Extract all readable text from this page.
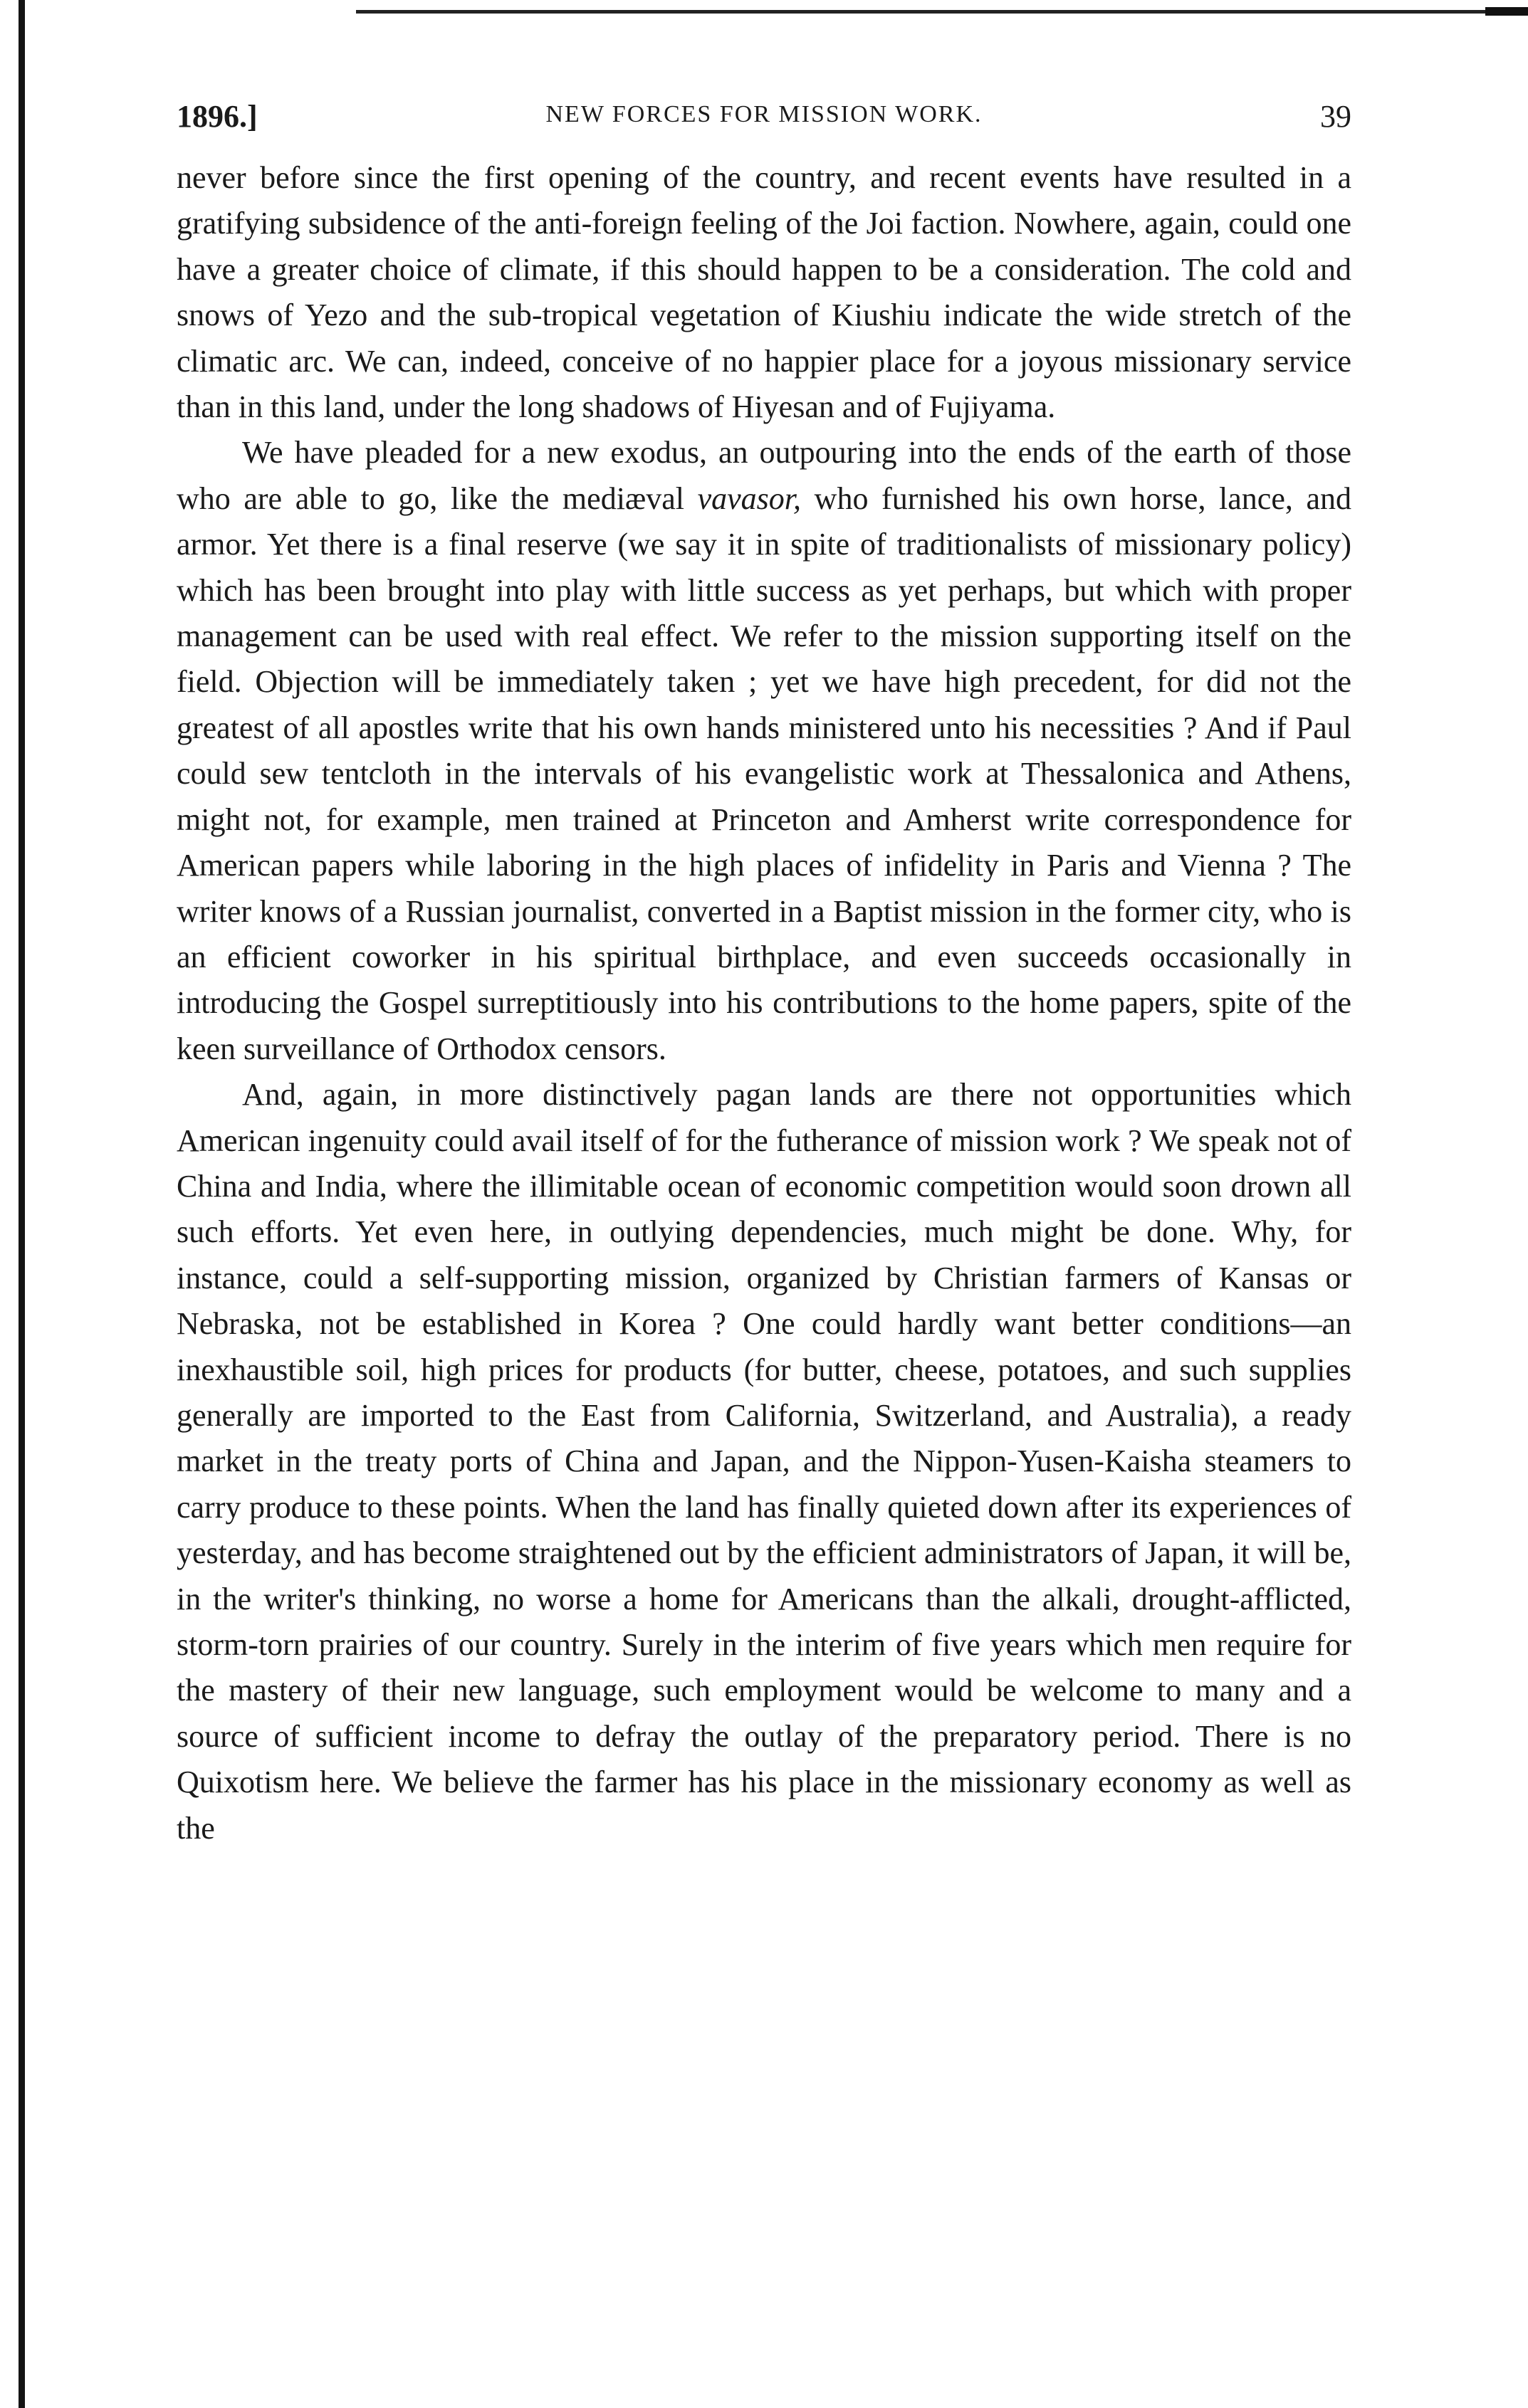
1896.]	NEW FORCES FOR MISSION WORK.	39

never before since the first opening of the country, and recent events have resulted in a gratifying subsidence of the anti-foreign feeling of the Joi faction. Nowhere, again, could one have a greater choice of climate, if this should happen to be a consideration. The cold and snows of Yezo and the sub-tropical vegetation of Kiushiu indicate the wide stretch of the climatic arc. We can, indeed, conceive of no happier place for a joyous missionary service than in this land, under the long shadows of Hiyesan and of Fujiyama.

We have pleaded for a new exodus, an outpouring into the ends of the earth of those who are able to go, like the mediæval vavasor, who furnished his own horse, lance, and armor. Yet there is a final reserve (we say it in spite of traditionalists of missionary policy) which has been brought into play with little success as yet perhaps, but which with proper management can be used with real effect. We refer to the mission supporting itself on the field. Objection will be immediately taken ; yet we have high precedent, for did not the greatest of all apostles write that his own hands ministered unto his necessities ? And if Paul could sew tentcloth in the intervals of his evangelistic work at Thessalonica and Athens, might not, for example, men trained at Princeton and Amherst write correspondence for American papers while laboring in the high places of infidelity in Paris and Vienna ? The writer knows of a Russian journalist, converted in a Baptist mission in the former city, who is an efficient coworker in his spiritual birthplace, and even succeeds occasionally in introducing the Gospel surreptitiously into his contributions to the home papers, spite of the keen surveillance of Orthodox censors.

And, again, in more distinctively pagan lands are there not opportunities which American ingenuity could avail itself of for the futherance of mission work ? We speak not of China and India, where the illimitable ocean of economic competition would soon drown all such efforts. Yet even here, in outlying dependencies, much might be done. Why, for instance, could a self-supporting mission, organized by Christian farmers of Kansas or Nebraska, not be established in Korea ? One could hardly want better conditions—an inexhaustible soil, high prices for products (for butter, cheese, potatoes, and such supplies generally are imported to the East from California, Switzerland, and Australia), a ready market in the treaty ports of China and Japan, and the Nippon-Yusen-Kaisha steamers to carry produce to these points. When the land has finally quieted down after its experiences of yesterday, and has become straightened out by the efficient administrators of Japan, it will be, in the writer's thinking, no worse a home for Americans than the alkali, drought-afflicted, storm-torn prairies of our country. Surely in the interim of five years which men require for the mastery of their new language, such employment would be welcome to many and a source of sufficient income to defray the outlay of the preparatory period. There is no Quixotism here. We believe the farmer has his place in the missionary economy as well as the
